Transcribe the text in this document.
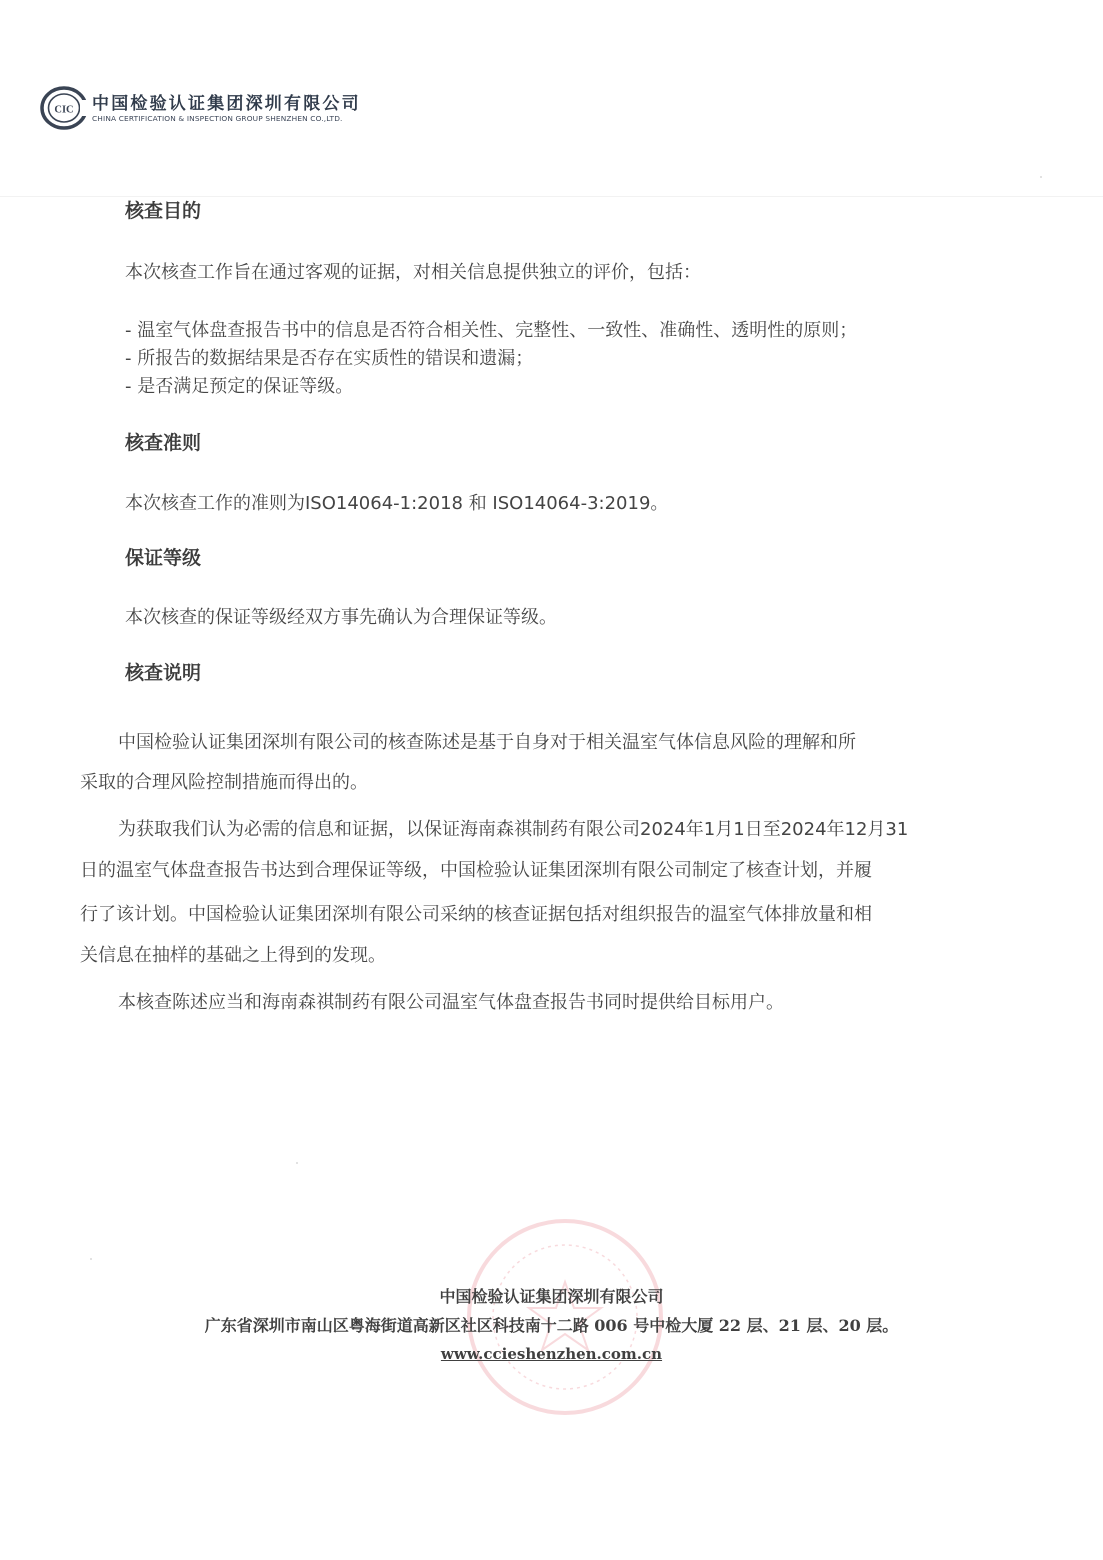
CIC 中国检验认证集团深圳有限公司

CHINA CERTIFICATION & INSPECTION GROUP SHENZHEN CO.,LTD.

核查目的

本次核查工作旨在通过客观的证据，对相关信息提供独立的评价，包括：

- 温室气体盘查报告书中的信息是否符合相关性、完整性、一致性、准确性、透明性的原则；

- 所报告的数据结果是否存在实质性的错误和遗漏；

- 是否满足预定的保证等级。

核查准则

本次核查工作的准则为ISO14064-1:2018 和 ISO14064-3:2019。

保证等级

本次核查的保证等级经双方事先确认为合理保证等级。

核查说明

中国检验认证集团深圳有限公司的核查陈述是基于自身对于相关温室气体信息风险的理解和所

采取的合理风险控制措施而得出的。

为获取我们认为必需的信息和证据，以保证海南森祺制药有限公司2024年1月1日至2024年12月31

日的温室气体盘查报告书达到合理保证等级，中国检验认证集团深圳有限公司制定了核查计划，并履

行了该计划。中国检验认证集团深圳有限公司采纳的核查证据包括对组织报告的温室气体排放量和相

关信息在抽样的基础之上得到的发现。

本核查陈述应当和海南森祺制药有限公司温室气体盘查报告书同时提供给目标用户。

中国检验认证集团深圳有限公司

广东省深圳市南山区粤海街道高新区社区科技南十二路 006 号中检大厦 22 层、21 层、20 层。

www.ccieshenzhen.com.cn
